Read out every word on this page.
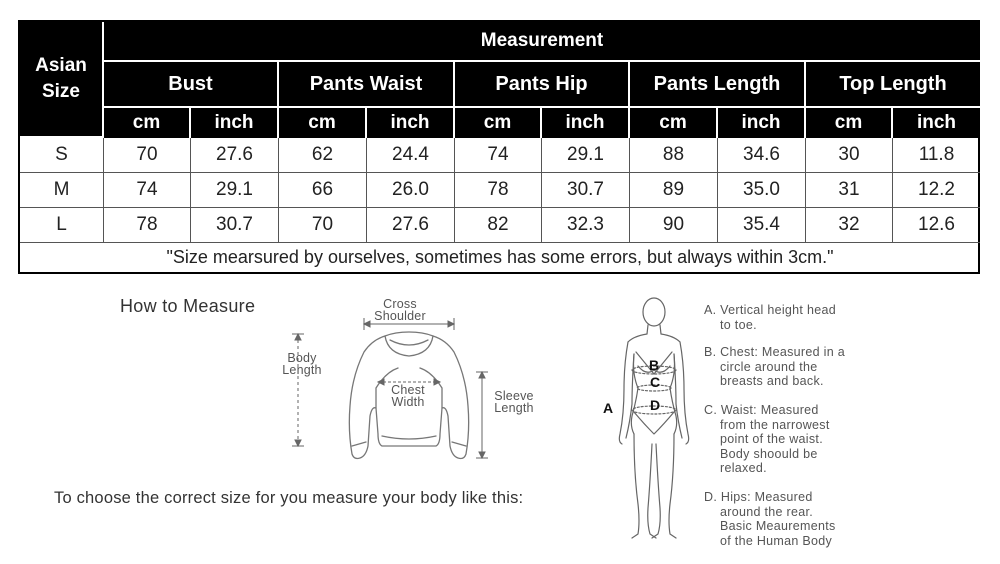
Asian
Size
Measurement
Bust	Pants Waist	Pants Hip	Pants Length	Top Length
cm	inch	cm	inch	cm	inch	cm	inch	cm	inch
S	70	27.6	62	24.4	74	29.1	88	34.6	30	11.8
M	74	29.1	66	26.0	78	30.7	89	35.0	31	12.2
L	78	30.7	70	27.6	82	32.3	90	35.4	32	12.6
"Size mearsured by ourselves, sometimes has some errors, but always within 3cm."
How to Measure	Cross
Shoulder
Body
Length
Chest
Width	Sleeve
Length
To choose the correct size for you measure your body like this:
A
B
C
D
A. Vertical height head
to toe.
B. Chest: Measured in a
circle around the
breasts and back.
C. Waist: Measured
from the narrowest
point of the waist.
Body shoould be
relaxed.
D. Hips: Measured
around the rear.
Basic Meaurements
of the Human Body
